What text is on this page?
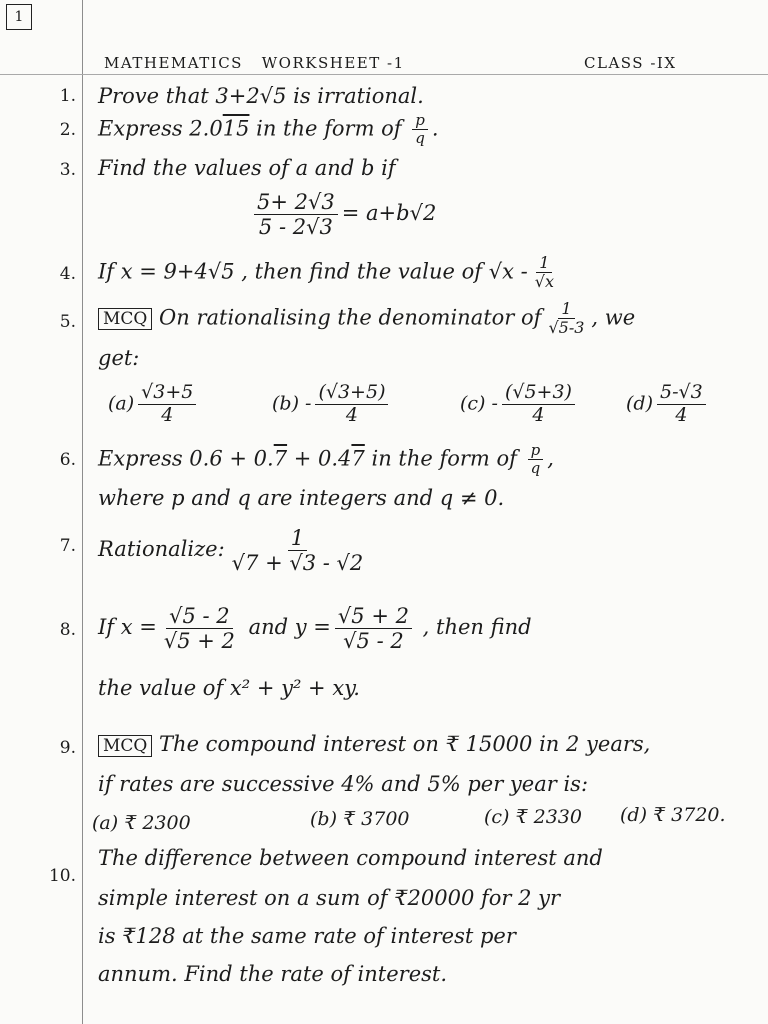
1
MATHEMATICS   WORKSHEET -1	CLASS -IX
1. Prove that 3+2√5 is irrational.
2. Express 2.015 in the form of $\frac{p}{q}$ .
3. Find the values of a and b if
$\frac{5+ 2√3}{5 - 2√3} = a+b√2$
4. If x = 9+4√5 , then find the value of $√x - \frac{1}{√x}$
5. MCQ On rationalising the denominator of $\frac{1}{√5-3}$ , we
get:
$(a) \frac{√3+5}{4}$	$(b) - \frac{(√3+5)}{4}$	$(c) - \frac{(√5+3)}{4}$	$(d) \frac{5-√3}{4}$
6. Express 0.6 + 0.7 + 0.47 in the form of $\frac{p}{q}$ ,
where p and q are integers and q ≠ 0.
7. Rationalize: $\frac{1}{√7 + √3 - √2}$
8. If $x = \frac{√5 - 2}{√5 + 2}$ and $y = \frac{√5 + 2}{√5 - 2}$ , then find
the value of x² + y² + xy.
9. MCQ The compound interest on ₹ 15000 in 2 years,
if rates are successive 4% and 5% per year is:
(a) ₹ 2300	(b) ₹ 3700	(c) ₹ 2330 (d) ₹ 3720.
10.
The difference between compound interest and
simple interest on a sum of ₹20000 for 2 yr
is ₹128 at the same rate of interest per
annum. Find the rate of interest.
